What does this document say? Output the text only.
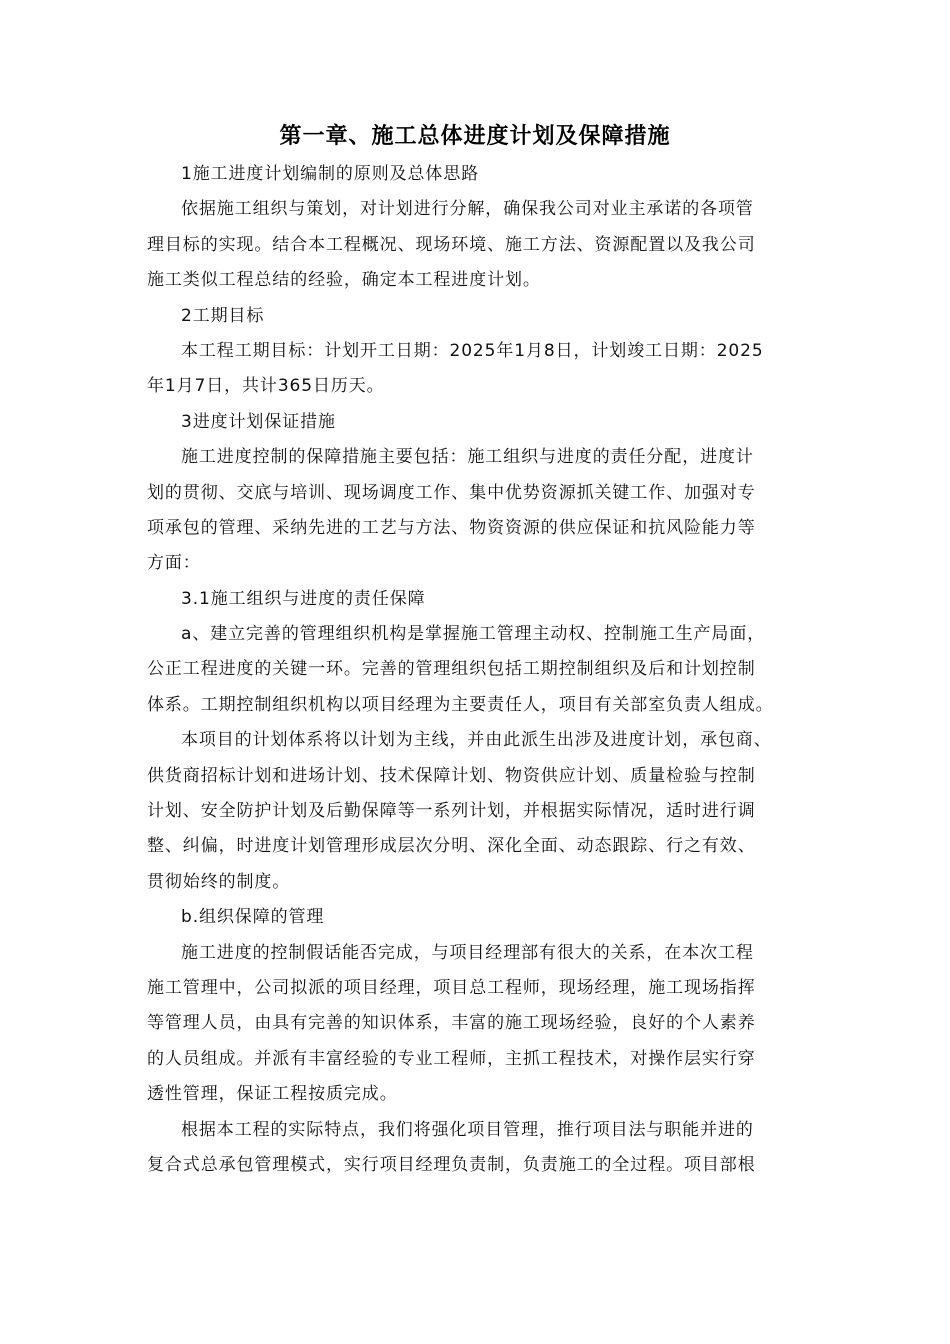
第一章、施工总体进度计划及保障措施
1施工进度计划编制的原则及总体思路
依据施工组织与策划，对计划进行分解，确保我公司对业主承诺的各项管
理目标的实现。结合本工程概况、现场环境、施工方法、资源配置以及我公司
施工类似工程总结的经验，确定本工程进度计划。
2工期目标
本工程工期目标：计划开工日期：2025年1月8日，计划竣工日期：2025
年1月7日，共计365日历天。
3进度计划保证措施
施工进度控制的保障措施主要包括：施工组织与进度的责任分配，进度计
划的贯彻、交底与培训、现场调度工作、集中优势资源抓关键工作、加强对专
项承包的管理、采纳先进的工艺与方法、物资资源的供应保证和抗风险能力等
方面：
3.1施工组织与进度的责任保障
a、建立完善的管理组织机构是掌握施工管理主动权、控制施工生产局面，
公正工程进度的关键一环。完善的管理组织包括工期控制组织及后和计划控制
体系。工期控制组织机构以项目经理为主要责任人，项目有关部室负责人组成。
本项目的计划体系将以计划为主线，并由此派生出涉及进度计划，承包商、
供货商招标计划和进场计划、技术保障计划、物资供应计划、质量检验与控制
计划、安全防护计划及后勤保障等一系列计划，并根据实际情况，适时进行调
整、纠偏，时进度计划管理形成层次分明、深化全面、动态跟踪、行之有效、
贯彻始终的制度。
b.组织保障的管理
施工进度的控制假话能否完成，与项目经理部有很大的关系，在本次工程
施工管理中，公司拟派的项目经理，项目总工程师，现场经理，施工现场指挥
等管理人员，由具有完善的知识体系，丰富的施工现场经验，良好的个人素养
的人员组成。并派有丰富经验的专业工程师，主抓工程技术，对操作层实行穿
透性管理，保证工程按质完成。
根据本工程的实际特点，我们将强化项目管理，推行项目法与职能并进的
复合式总承包管理模式，实行项目经理负责制，负责施工的全过程。项目部根
